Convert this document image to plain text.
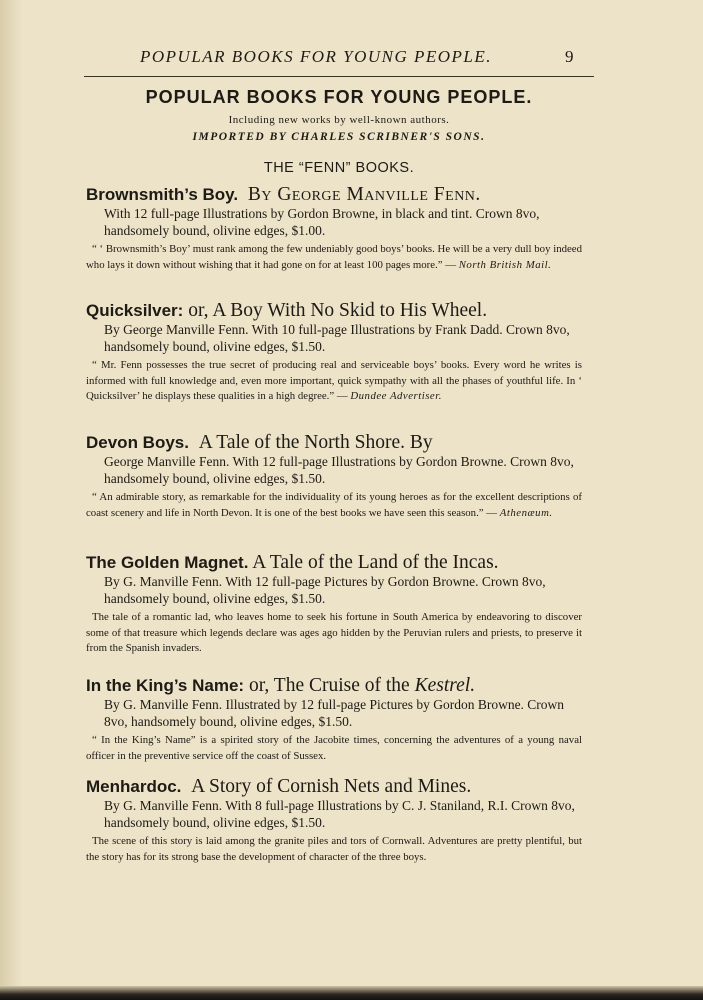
POPULAR BOOKS FOR YOUNG PEOPLE.	9
POPULAR BOOKS FOR YOUNG PEOPLE.
Including new works by well-known authors.
IMPORTED BY CHARLES SCRIBNER'S SONS.
THE “FENN” BOOKS.
Brownsmith’s Boy. By George Manville Fenn.
With 12 full-page Illustrations by Gordon Browne, in black and tint. Crown 8vo, handsomely bound, olivine edges, $1.00.
“ ‘ Brownsmith’s Boy’ must rank among the few undeniably good boys’ books. He will be a very dull boy indeed who lays it down without wishing that it had gone on for at least 100 pages more.” — North British Mail.
Quicksilver: or, A Boy With No Skid to His Wheel.
By George Manville Fenn. With 10 full-page Illustrations by Frank Dadd. Crown 8vo, handsomely bound, olivine edges, $1.50.
“ Mr. Fenn possesses the true secret of producing real and serviceable boys’ books. Every word he writes is informed with full knowledge and, even more important, quick sympathy with all the phases of youthful life. In ‘ Quicksilver’ he displays these qualities in a high degree.” — Dundee Advertiser.
Devon Boys. A Tale of the North Shore. By
George Manville Fenn. With 12 full-page Illustrations by Gordon Browne. Crown 8vo, handsomely bound, olivine edges, $1.50.
“ An admirable story, as remarkable for the individuality of its young heroes as for the excellent descriptions of coast scenery and life in North Devon. It is one of the best books we have seen this season.” — Athenæum.
The Golden Magnet. A Tale of the Land of the Incas.
By G. Manville Fenn. With 12 full-page Pictures by Gordon Browne. Crown 8vo, handsomely bound, olivine edges, $1.50.
The tale of a romantic lad, who leaves home to seek his fortune in South America by endeavoring to discover some of that treasure which legends declare was ages ago hidden by the Peruvian rulers and priests, to preserve it from the Spanish invaders.
In the King’s Name: or, The Cruise of the Kestrel.
By G. Manville Fenn. Illustrated by 12 full-page Pictures by Gordon Browne. Crown 8vo, handsomely bound, olivine edges, $1.50.
“ In the King’s Name” is a spirited story of the Jacobite times, concerning the adventures of a young naval officer in the preventive service off the coast of Sussex.
Menhardoc. A Story of Cornish Nets and Mines.
By G. Manville Fenn. With 8 full-page Illustrations by C. J. Staniland, R.I. Crown 8vo, handsomely bound, olivine edges, $1.50.
The scene of this story is laid among the granite piles and tors of Cornwall. Adventures are pretty plentiful, but the story has for its strong base the development of character of the three boys.
